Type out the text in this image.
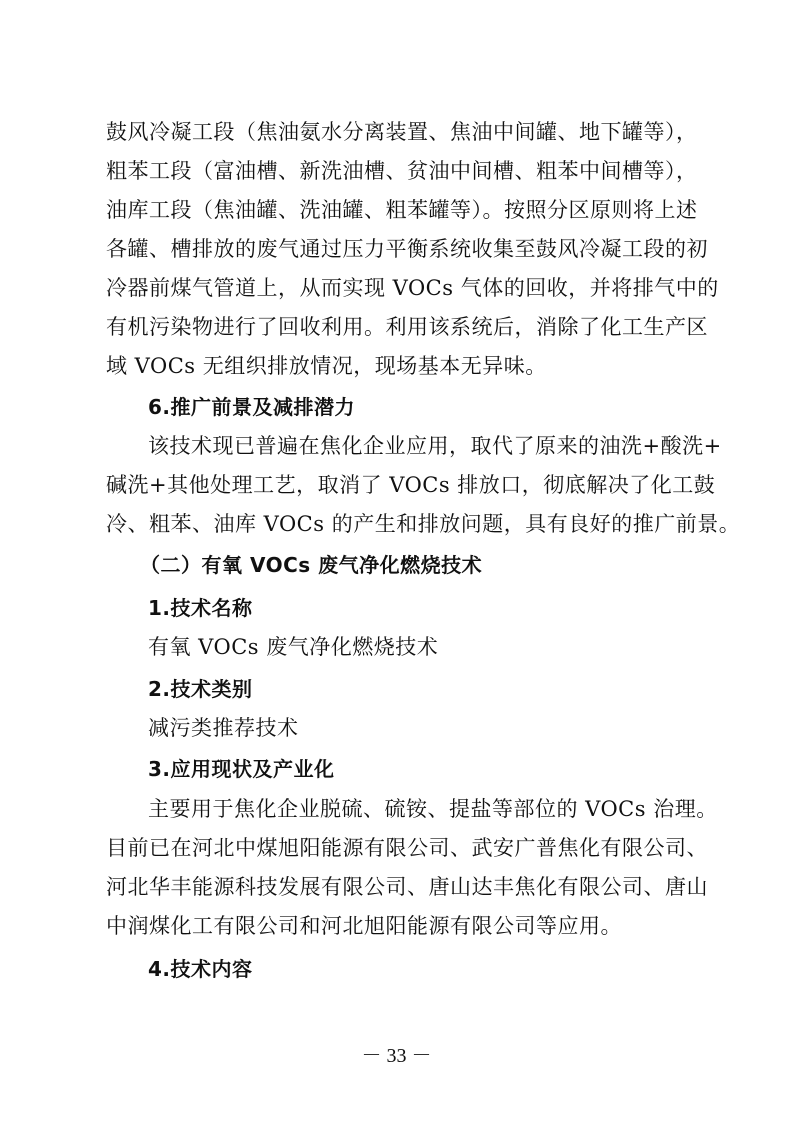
鼓风冷凝工段（焦油氨水分离装置、焦油中间罐、地下罐等），
粗苯工段（富油槽、新洗油槽、贫油中间槽、粗苯中间槽等），
油库工段（焦油罐、洗油罐、粗苯罐等）。按照分区原则将上述
各罐、槽排放的废气通过压力平衡系统收集至鼓风冷凝工段的初
冷器前煤气管道上，从而实现 VOCs 气体的回收，并将排气中的
有机污染物进行了回收利用。利用该系统后，消除了化工生产区
域 VOCs 无组织排放情况，现场基本无异味。
6.推广前景及减排潜力
该技术现已普遍在焦化企业应用，取代了原来的油洗+酸洗+
碱洗+其他处理工艺，取消了 VOCs 排放口，彻底解决了化工鼓
冷、粗苯、油库 VOCs 的产生和排放问题，具有良好的推广前景。
（二）有氧 VOCs 废气净化燃烧技术
1.技术名称
有氧 VOCs 废气净化燃烧技术
2.技术类别
减污类推荐技术
3.应用现状及产业化
主要用于焦化企业脱硫、硫铵、提盐等部位的 VOCs 治理。
目前已在河北中煤旭阳能源有限公司、武安广普焦化有限公司、
河北华丰能源科技发展有限公司、唐山达丰焦化有限公司、唐山
中润煤化工有限公司和河北旭阳能源有限公司等应用。
4.技术内容
－ 33 －
